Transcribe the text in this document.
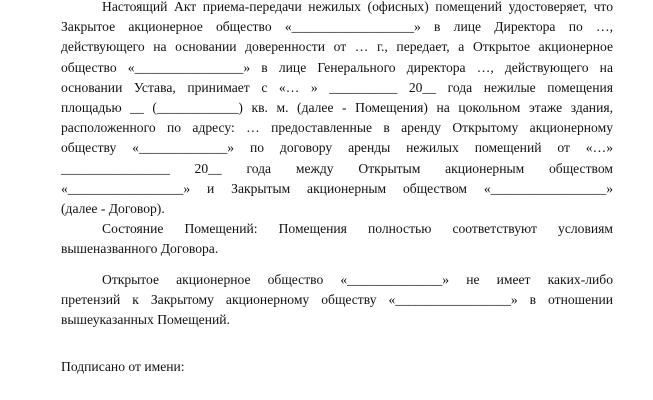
Настоящий Акт приема-передачи нежилых (офисных) помещений удостоверяет, что
Закрытое акционерное общество «__________________» в лице Директора по …,
действующего на основании доверенности от … г., передает, а Открытое акционерное
общество «________________» в лице Генерального директора …, действующего на
основании Устава, принимает с «… » __________ 20__ года нежилые помещения
площадью __ (____________) кв. м. (далее - Помещения) на цокольном этаже здания,
расположенного по адресу: … предоставленные в аренду Открытому акционерному
обществу «_____________» по договору аренды нежилых помещений от «…»
________________ 20__ года между Открытым акционерным обществом
«_________________» и Закрытым акционерным обществом «_________________»
(далее - Договор).
Состояние Помещений: Помещения полностью соответствуют условиям
вышеназванного Договора.
Открытое акционерное общество «______________» не имеет каких-либо
претензий к Закрытому акционерному обществу «_________________» в отношении
вышеуказанных Помещений.
Подписано от имени:
